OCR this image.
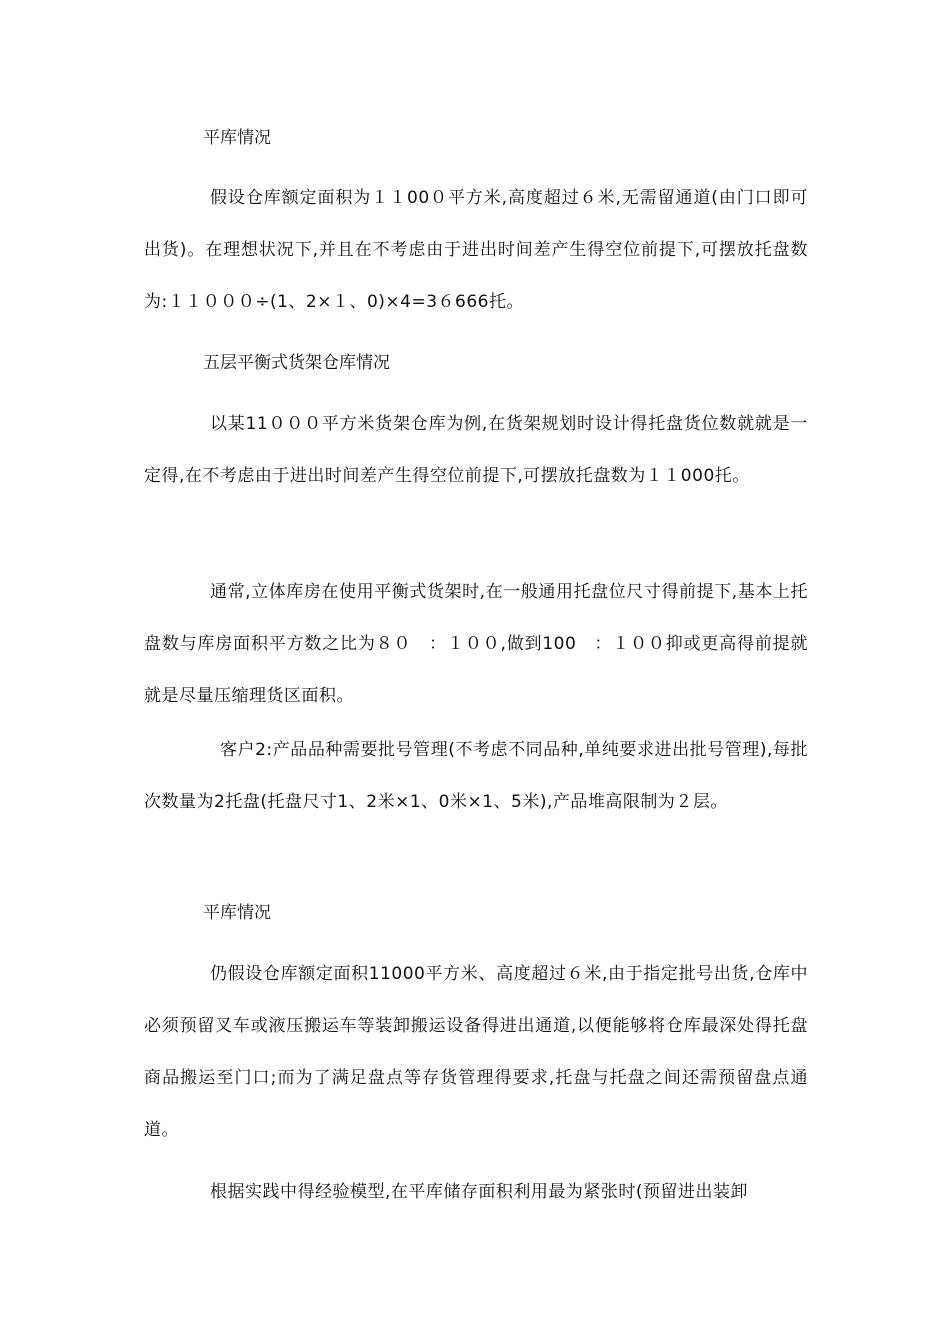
平库情况
假设仓库额定面积为１１00０平方米,高度超过６米,无需留通道(由门口即可出货)。在理想状况下,并且在不考虑由于进出时间差产生得空位前提下,可摆放托盘数为:１１０００÷(1、2×１、0)×4=3６666托。
五层平衡式货架仓库情况
以某11０００平方米货架仓库为例,在货架规划时设计得托盘货位数就就是一定得,在不考虑由于进出时间差产生得空位前提下,可摆放托盘数为１１000托。
通常,立体库房在使用平衡式货架时,在一般通用托盘位尺寸得前提下,基本上托盘数与库房面积平方数之比为８０　：１００,做到100　：１００抑或更高得前提就就是尽量压缩理货区面积。
客户2:产品品种需要批号管理(不考虑不同品种,单纯要求进出批号管理),每批次数量为2托盘(托盘尺寸1、2米×1、0米×1、5米),产品堆高限制为２层。
平库情况
仍假设仓库额定面积11000平方米、高度超过６米,由于指定批号出货,仓库中必须预留叉车或液压搬运车等装卸搬运设备得进出通道,以便能够将仓库最深处得托盘商品搬运至门口;而为了满足盘点等存货管理得要求,托盘与托盘之间还需预留盘点通道。
根据实践中得经验模型,在平库储存面积利用最为紧张时(预留进出装卸
